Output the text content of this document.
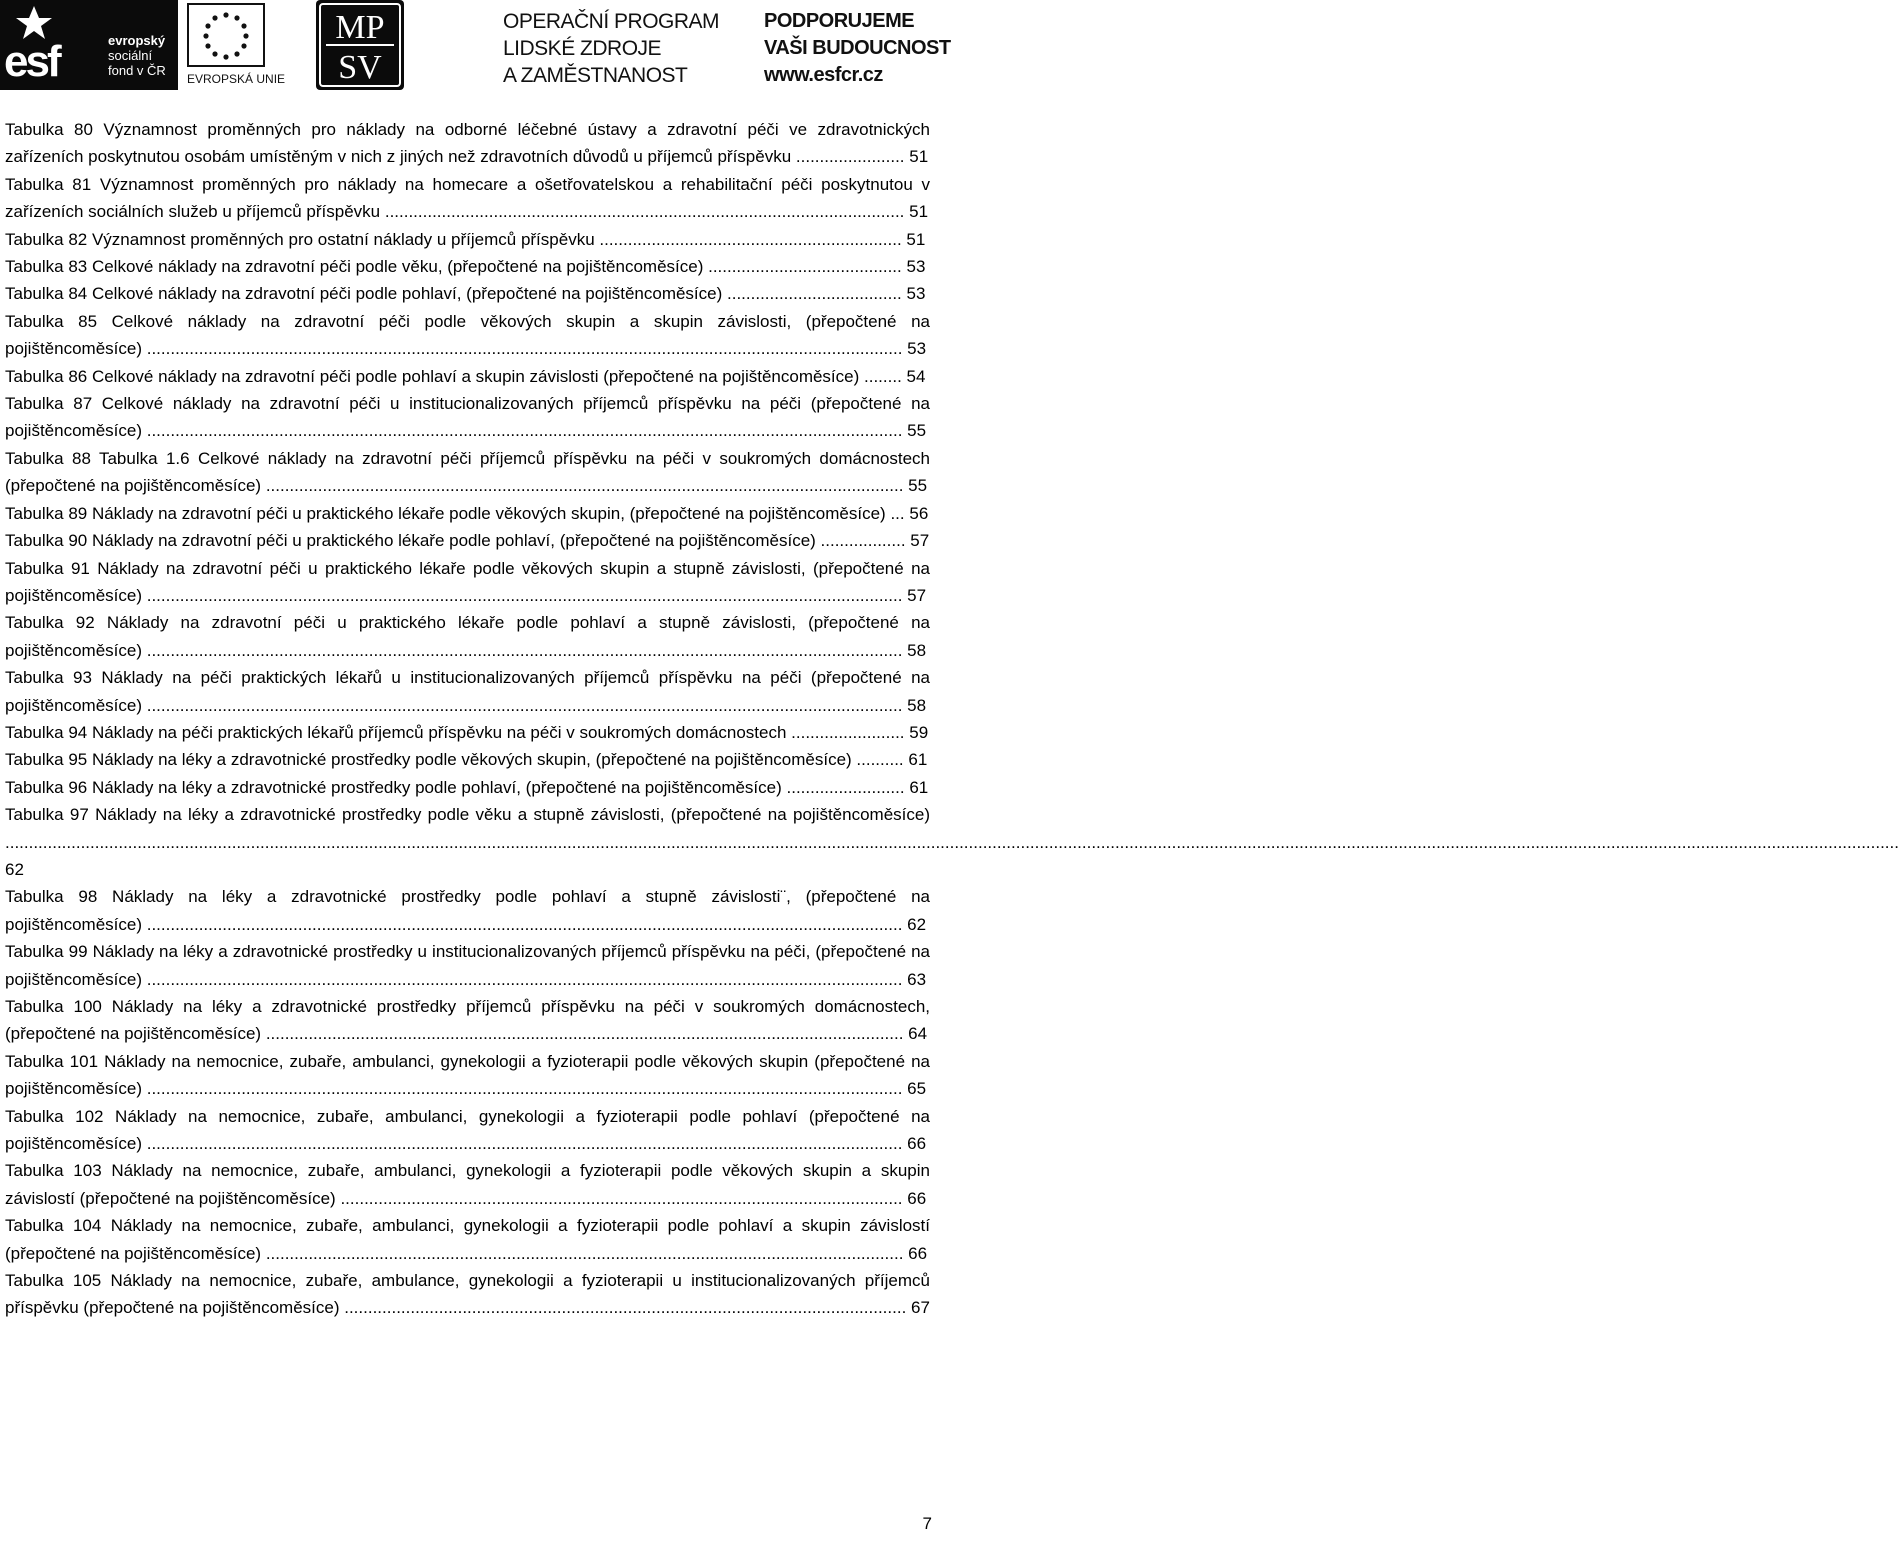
esf	evropský
sociální
fond v ČR
EVROPSKÁ UNIE
MP
SV
OPERAČNÍ PROGRAM
LIDSKÉ ZDROJE
A ZAMĚSTNANOST
PODPORUJEME
VAŠI BUDOUCNOST
www.esfcr.cz
Tabulka 80 Významnost proměnných pro náklady na odborné léčebné ústavy a zdravotní péči ve zdravotnických zařízeních poskytnutou osobám umístěným v nich z jiných než zdravotních důvodů u příjemců příspěvku ....................... 51
Tabulka 81 Významnost proměnných pro náklady na homecare a ošetřovatelskou a rehabilitační péči poskytnutou v zařízeních sociálních služeb u příjemců příspěvku .............................................................................................................. 51
Tabulka 82 Významnost proměnných pro ostatní náklady u příjemců příspěvku ................................................................ 51
Tabulka 83 Celkové náklady na zdravotní péči podle věku, (přepočtené na pojištěncoměsíce) ......................................... 53
Tabulka 84 Celkové náklady na zdravotní péči podle pohlaví, (přepočtené na pojištěncoměsíce) ..................................... 53
Tabulka 85 Celkové náklady na zdravotní péči podle věkových skupin a skupin závislosti, (přepočtené na pojištěncoměsíce) ................................................................................................................................................................ 53
Tabulka 86 Celkové náklady na zdravotní péči podle pohlaví a skupin závislosti (přepočtené na pojištěncoměsíce) ........ 54
Tabulka 87 Celkové náklady na zdravotní péči u institucionalizovaných příjemců příspěvku na péči (přepočtené na pojištěncoměsíce) ................................................................................................................................................................ 55
Tabulka 88 Tabulka 1.6 Celkové náklady na zdravotní péči příjemců příspěvku na péči v soukromých domácnostech (přepočtené na pojištěncoměsíce) ....................................................................................................................................... 55
Tabulka 89 Náklady na zdravotní péči u praktického lékaře podle věkových skupin, (přepočtené na pojištěncoměsíce) ... 56
Tabulka 90 Náklady na zdravotní péči u praktického lékaře podle pohlaví, (přepočtené na pojištěncoměsíce) .................. 57
Tabulka 91 Náklady na zdravotní péči u praktického lékaře podle věkových skupin a stupně závislosti, (přepočtené na pojištěncoměsíce) ................................................................................................................................................................ 57
Tabulka 92 Náklady na zdravotní péči u praktického lékaře podle pohlaví a stupně závislosti, (přepočtené na pojištěncoměsíce) ................................................................................................................................................................ 58
Tabulka 93 Náklady na péči praktických lékařů u institucionalizovaných příjemců příspěvku na péči (přepočtené na pojištěncoměsíce) ................................................................................................................................................................ 58
Tabulka 94 Náklady na péči praktických lékařů příjemců příspěvku na péči v soukromých domácnostech ........................ 59
Tabulka 95 Náklady na léky a zdravotnické prostředky podle věkových skupin, (přepočtené na pojištěncoměsíce) .......... 61
Tabulka 96 Náklady na léky a zdravotnické prostředky podle pohlaví, (přepočtené na pojištěncoměsíce) ......................... 61
Tabulka 97 Náklady na léky a zdravotnické prostředky podle věku a stupně závislosti, (přepočtené na pojištěncoměsíce) ................................................................................................................................................................................................................................................................................................................................................................................................................. 62
Tabulka 98 Náklady na léky a zdravotnické prostředky podle pohlaví a stupně závislosti¨, (přepočtené na pojištěncoměsíce) ................................................................................................................................................................ 62
Tabulka 99 Náklady na léky a zdravotnické prostředky u institucionalizovaných příjemců příspěvku na péči, (přepočtené na pojištěncoměsíce) ................................................................................................................................................................ 63
Tabulka 100 Náklady na léky a zdravotnické prostředky příjemců příspěvku na péči v soukromých domácnostech, (přepočtené na pojištěncoměsíce) ....................................................................................................................................... 64
Tabulka 101 Náklady na nemocnice, zubaře, ambulanci, gynekologii a fyzioterapii podle věkových skupin (přepočtené na pojištěncoměsíce) ................................................................................................................................................................ 65
Tabulka 102 Náklady na nemocnice, zubaře, ambulanci, gynekologii a fyzioterapii podle pohlaví (přepočtené na pojištěncoměsíce) ................................................................................................................................................................ 66
Tabulka 103 Náklady na nemocnice, zubaře, ambulanci, gynekologii a fyzioterapii podle věkových skupin a skupin závislostí (přepočtené na pojištěncoměsíce) ....................................................................................................................... 66
Tabulka 104 Náklady na nemocnice, zubaře, ambulanci, gynekologii a fyzioterapii podle pohlaví a skupin závislostí (přepočtené na pojištěncoměsíce) ....................................................................................................................................... 66
Tabulka 105 Náklady na nemocnice, zubaře, ambulance, gynekologii a fyzioterapii u institucionalizovaných příjemců příspěvku (přepočtené na pojištěncoměsíce) ....................................................................................................................... 67
7
